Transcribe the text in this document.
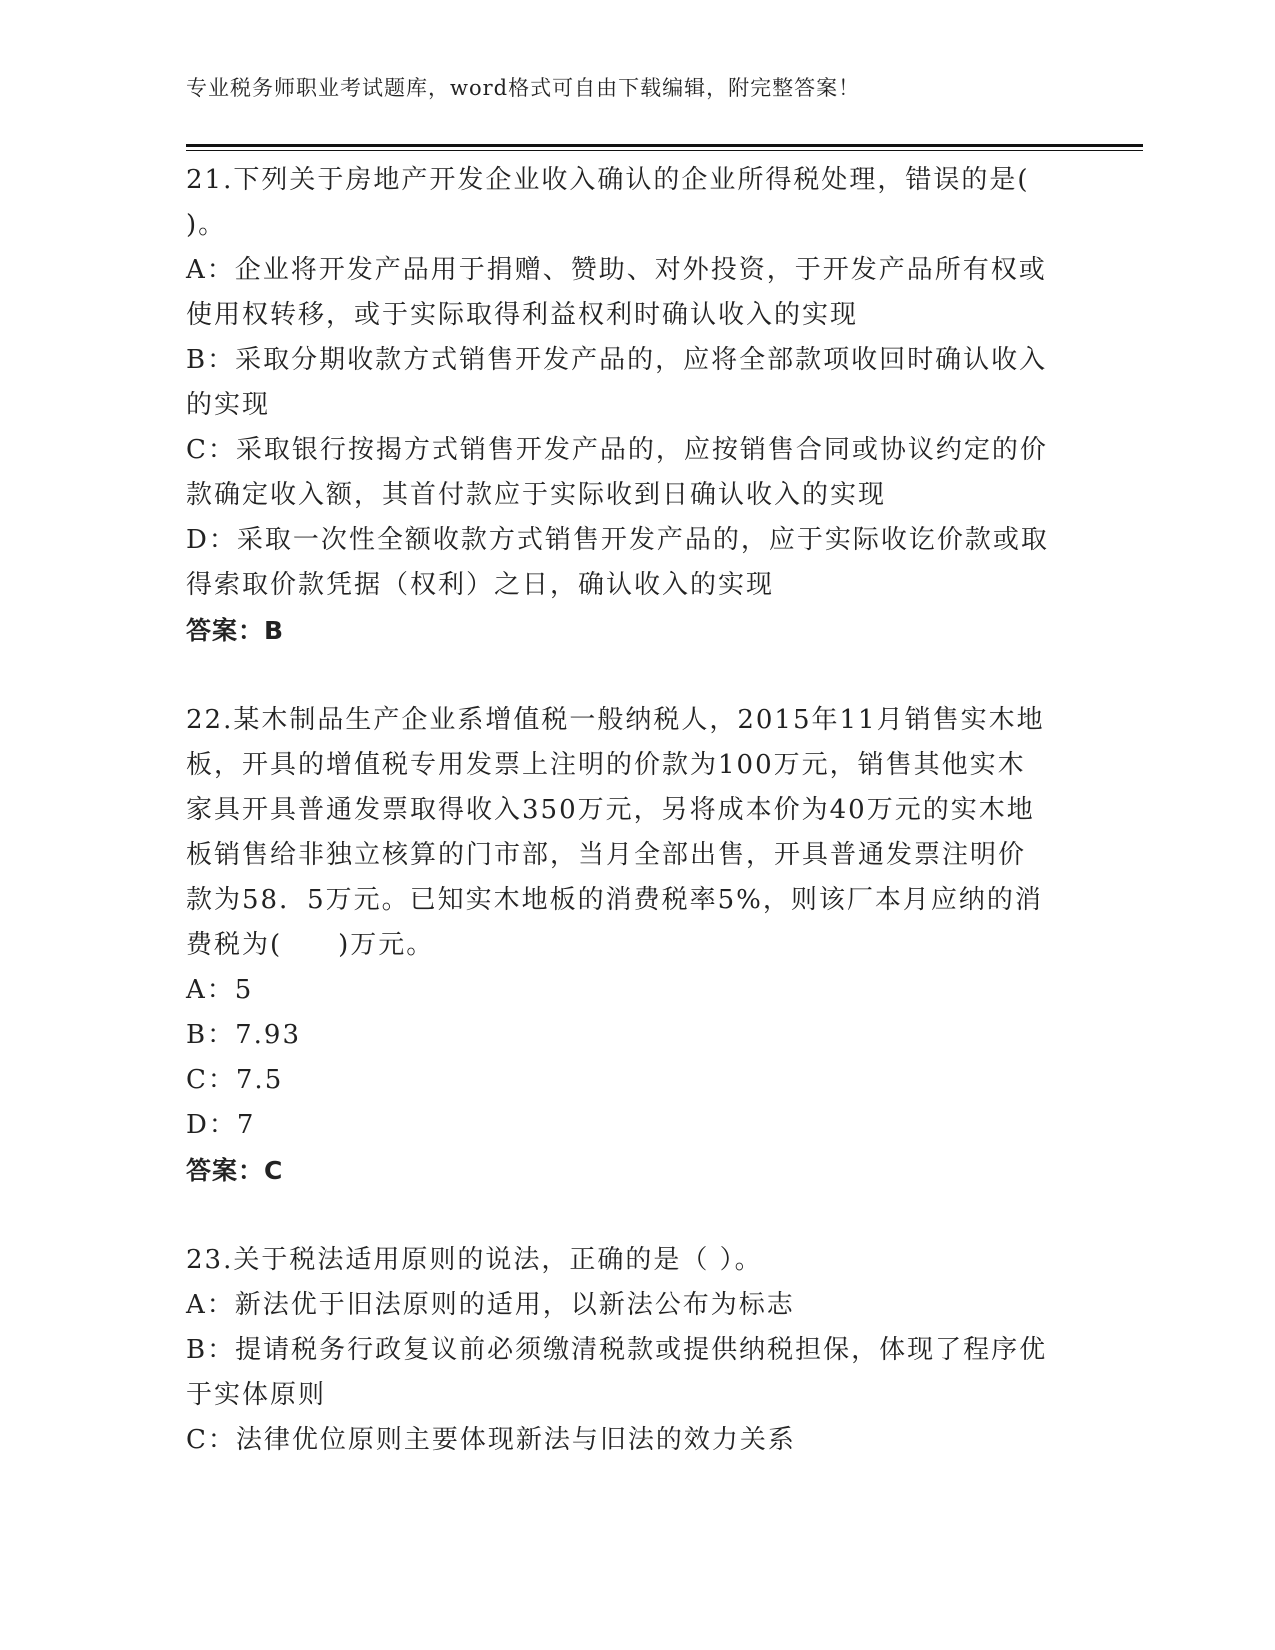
专业税务师职业考试题库，word格式可自由下载编辑，附完整答案！
21.下列关于房地产开发企业收入确认的企业所得税处理，错误的是(
)。
A：企业将开发产品用于捐赠、赞助、对外投资，于开发产品所有权或
使用权转移，或于实际取得利益权利时确认收入的实现
B：采取分期收款方式销售开发产品的，应将全部款项收回时确认收入
的实现
C：采取银行按揭方式销售开发产品的，应按销售合同或协议约定的价
款确定收入额，其首付款应于实际收到日确认收入的实现
D：采取一次性全额收款方式销售开发产品的，应于实际收讫价款或取
得索取价款凭据（权利）之日，确认收入的实现
答案：B
22.某木制品生产企业系增值税一般纳税人，2015年11月销售实木地
板，开具的增值税专用发票上注明的价款为100万元，销售其他实木
家具开具普通发票取得收入350万元，另将成本价为40万元的实木地
板销售给非独立核算的门市部，当月全部出售，开具普通发票注明价
款为58．5万元。已知实木地板的消费税率5%，则该厂本月应纳的消
费税为(　　)万元。
A：5
B：7.93
C：7.5
D：7
答案：C
23.关于税法适用原则的说法，正确的是（ ）。
A：新法优于旧法原则的适用，以新法公布为标志
B：提请税务行政复议前必须缴清税款或提供纳税担保，体现了程序优
于实体原则
C：法律优位原则主要体现新法与旧法的效力关系
